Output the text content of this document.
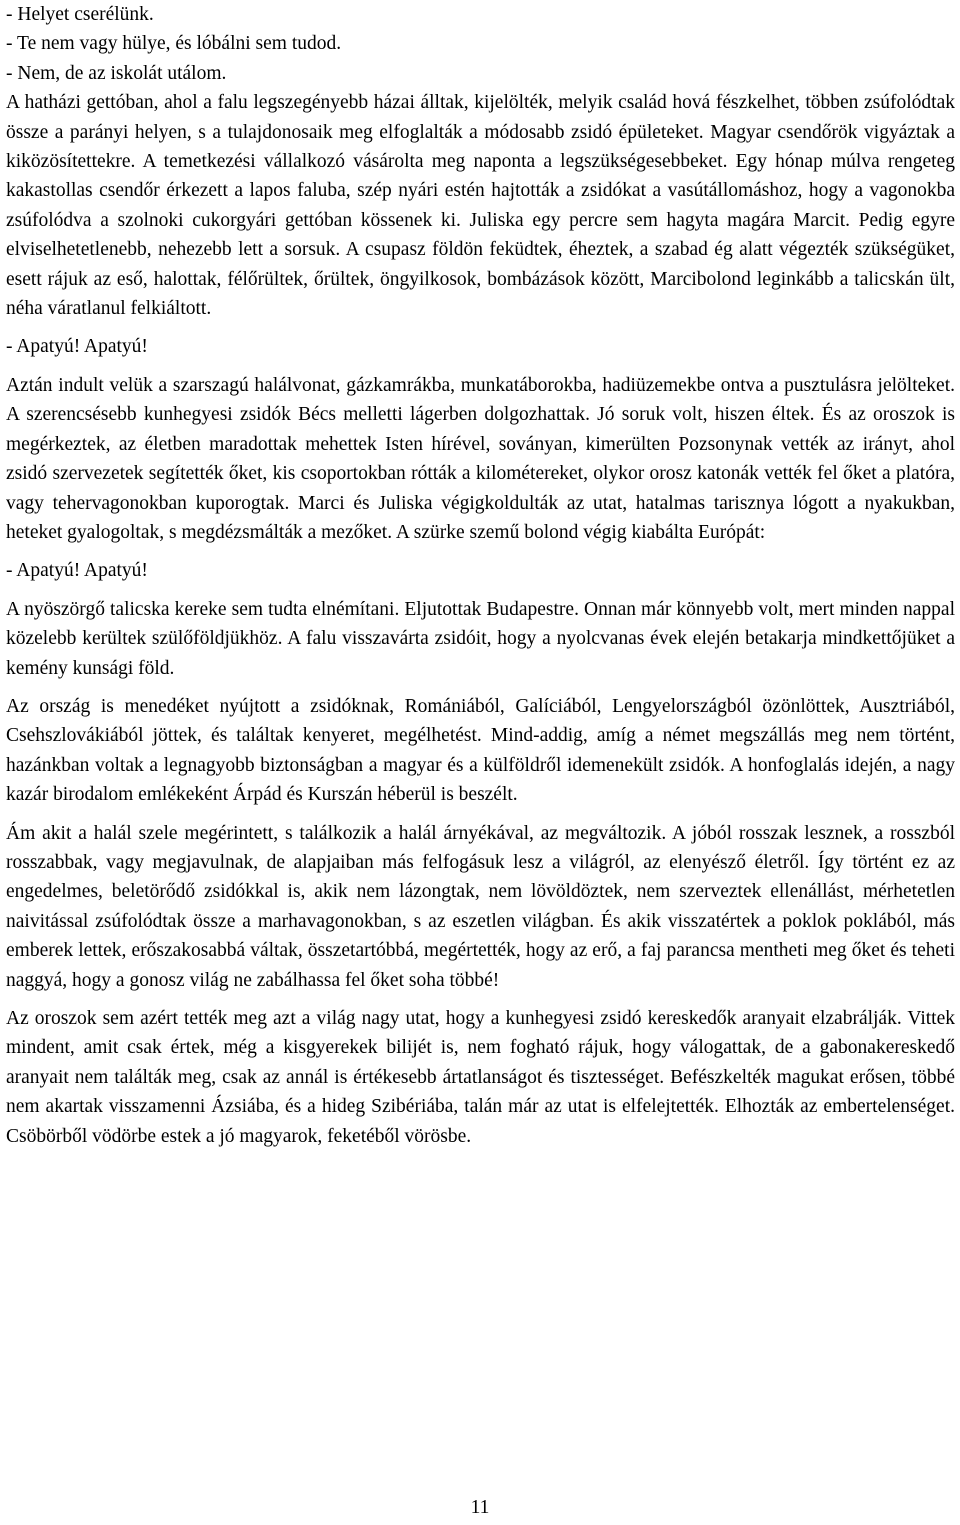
- Helyet cserélünk.

- Te nem vagy hülye, és lóbálni sem tudod.

- Nem, de az iskolát utálom.

A hatházi gettóban, ahol a falu legszegényebb házai álltak, kijelölték, melyik család hová fészkelhet, többen zsúfolódtak össze a parányi helyen, s a tulajdonosaik meg elfoglalták a módosabb zsidó épületeket. Magyar csendőrök vigyáztak a kiközösítettekre. A temetkezési vállalkozó vásárolta meg naponta a legszükségesebbeket. Egy hónap múlva rengeteg kakastollas csendőr érkezett a lapos faluba, szép nyári estén hajtották a zsidókat a vasútállomáshoz, hogy a vagonokba zsúfolódva a szolnoki cukorgyári gettóban kössenek ki. Juliska egy percre sem hagyta magára Marcit. Pedig egyre elviselhetetlenebb, nehezebb lett a sorsuk. A csupasz földön feküdtek, éheztek, a szabad ég alatt végezték szükségüket, esett rájuk az eső, halottak, félőrültek, őrültek, öngyilkosok, bombázások között, Marcibolond leginkább a talicskán ült, néha váratlanul felkiáltott.

- Apatyú! Apatyú!

Aztán indult velük a szarszagú halálvonat, gázkamrákba, munkatáborokba, hadiüzemekbe ontva a pusztulásra jelölteket. A szerencsésebb kunhegyesi zsidók Bécs melletti lágerben dolgozhattak. Jó soruk volt, hiszen éltek. És az oroszok is megérkeztek, az életben maradottak mehettek Isten hírével, soványan, kimerülten Pozsonynak vették az irányt, ahol zsidó szervezetek segítették őket, kis csoportokban rótták a kilométereket, olykor orosz katonák vették fel őket a platóra, vagy tehervagonokban kuporogtak. Marci és Juliska végigkoldulták az utat, hatalmas tarisznya lógott a nyakukban, heteket gyalogoltak, s megdézsmálták a mezőket. A szürke szemű bolond végig kiabálta Európát:

- Apatyú! Apatyú!

A nyöszörgő talicska kereke sem tudta elnémítani. Eljutottak Budapestre. Onnan már könnyebb volt, mert minden nappal közelebb kerültek szülőföldjükhöz. A falu visszavárta zsidóit, hogy a nyolcvanas évek elején betakarja mindkettőjüket a kemény kunsági föld.

Az ország is menedéket nyújtott a zsidóknak, Romániából, Galíciából, Lengyelországból özönlöttek, Ausztriából, Csehszlovákiából jöttek, és találtak kenyeret, megélhetést. Mind-addig, amíg a német megszállás meg nem történt, hazánkban voltak a legnagyobb biztonságban a magyar és a külföldről idemenekült zsidók. A honfoglalás idején, a nagy kazár birodalom emlékeként Árpád és Kurszán héberül is beszélt.

Ám akit a halál szele megérintett, s találkozik a halál árnyékával, az megváltozik. A jóból rosszak lesznek, a rosszból rosszabbak, vagy megjavulnak, de alapjaiban más felfogásuk lesz a világról, az elenyésző életről. Így történt ez az engedelmes, beletörődő zsidókkal is, akik nem lázongtak, nem lövöldöztek, nem szerveztek ellenállást, mérhetetlen naivitással zsúfolódtak össze a marhavagonokban, s az eszetlen világban. És akik visszatértek a poklok poklából, más emberek lettek, erőszakosabbá váltak, összetartóbbá, megértették, hogy az erő, a faj parancsa mentheti meg őket és teheti naggyá, hogy a gonosz világ ne zabálhassa fel őket soha többé!

Az oroszok sem azért tették meg azt a világ nagy utat, hogy a kunhegyesi zsidó kereskedők aranyait elzabrálják. Vittek mindent, amit csak értek, még a kisgyerekek bilijét is, nem fogható rájuk, hogy válogattak, de a gabonakereskedő aranyait nem találták meg, csak az annál is értékesebb ártatlanságot és tisztességet. Befészkelték magukat erősen, többé nem akartak visszamenni Ázsiába, és a hideg Szibériába, talán már az utat is elfelejtették. Elhozták az embertelenséget. Csöbörből vödörbe estek a jó magyarok, feketéből vörösbe.

11
